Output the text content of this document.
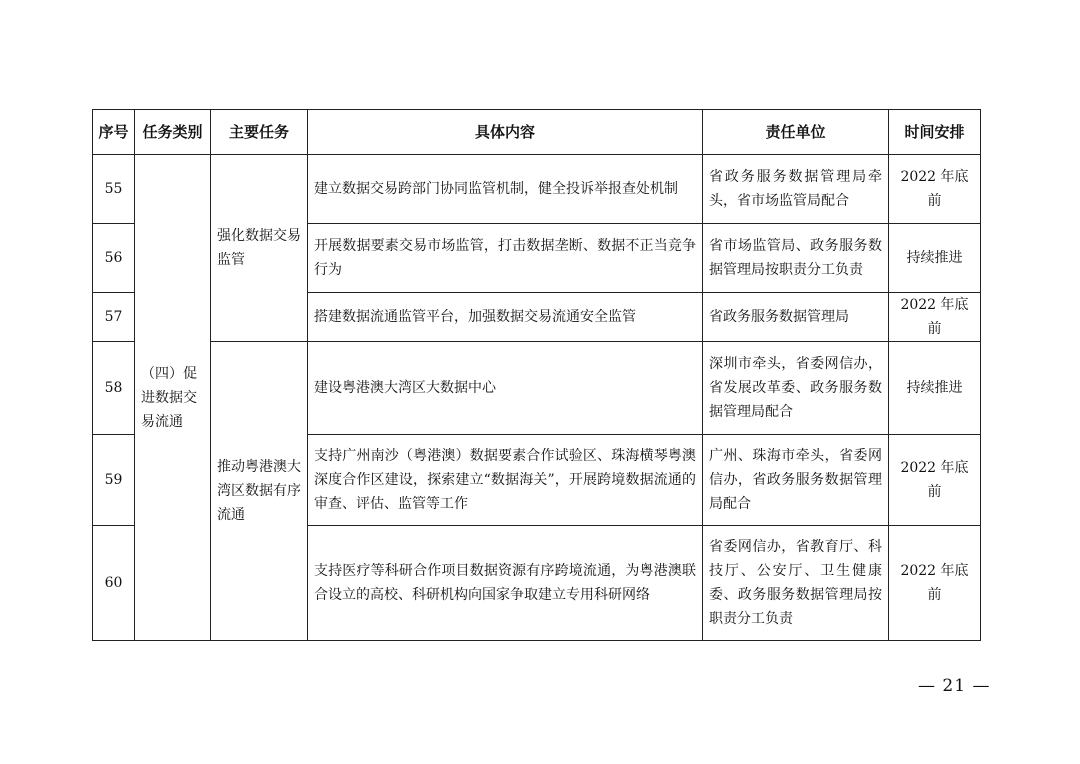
序号	任务类别	主要任务	具体内容	责任单位	时间安排
55	（四）促进数据交易流通	强化数据交易监管	建立数据交易跨部门协同监管机制，健全投诉举报查处机制	省政务服务数据管理局牵头，省市场监管局配合	2022 年底前
56			开展数据要素交易市场监管，打击数据垄断、数据不正当竞争行为	省市场监管局、政务服务数据管理局按职责分工负责	持续推进
57			搭建数据流通监管平台，加强数据交易流通安全监管	省政务服务数据管理局	2022 年底前
58		推动粤港澳大湾区数据有序流通	建设粤港澳大湾区大数据中心	深圳市牵头，省委网信办，省发展改革委、政务服务数据管理局配合	持续推进
59			支持广州南沙（粤港澳）数据要素合作试验区、珠海横琴粤澳深度合作区建设，探索建立“数据海关”，开展跨境数据流通的审查、评估、监管等工作	广州、珠海市牵头，省委网信办，省政务服务数据管理局配合	2022 年底前
60			支持医疗等科研合作项目数据资源有序跨境流通，为粤港澳联合设立的高校、科研机构向国家争取建立专用科研网络	省委网信办，省教育厅、科技厅、公安厅、卫生健康委、政务服务数据管理局按职责分工负责	2022 年底前
— 21 —
